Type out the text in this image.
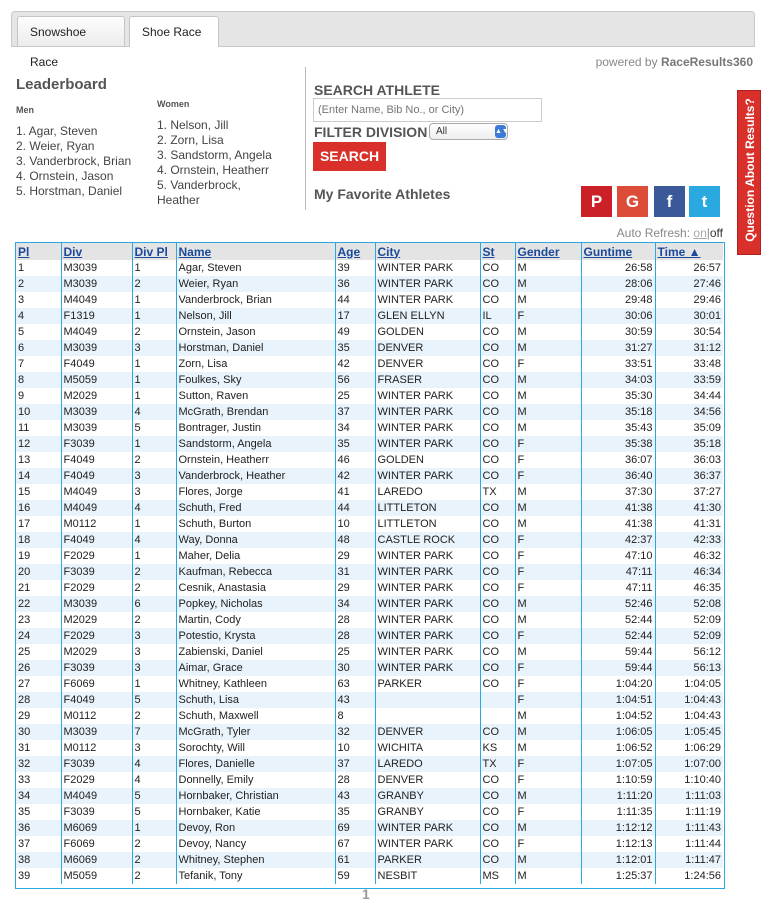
Snowshoe Race
Shoe Race
powered by RaceResults360
Leaderboard
Men
1. Agar, Steven
2. Weier, Ryan
3. Vanderbrock, Brian
4. Ornstein, Jason
5. Horstman, Daniel
Women
1. Nelson, Jill
2. Zorn, Lisa
3. Sandstorm, Angela
4. Ornstein, Heatherr
5. Vanderbrock, Heather
SEARCH ATHLETE
(Enter Name, Bib No., or City)
FILTER DIVISION All	▲▼
SEARCH
My Favorite Athletes	P	G	f	t	Question About Results?
Auto Refresh: on|off
Pl	Div	Div Pl	Name	Age	City	St	Gender	Guntime	Time ▲
1	M3039	1	Agar, Steven	39	WINTER PARK	CO	M	26:58	26:57
2	M3039	2	Weier, Ryan	36	WINTER PARK	CO	M	28:06	27:46
3	M4049	1	Vanderbrock, Brian	44	WINTER PARK	CO	M	29:48	29:46
4	F1319	1	Nelson, Jill	17	GLEN ELLYN	IL	F	30:06	30:01
5	M4049	2	Ornstein, Jason	49	GOLDEN	CO	M	30:59	30:54
6	M3039	3	Horstman, Daniel	35	DENVER	CO	M	31:27	31:12
7	F4049	1	Zorn, Lisa	42	DENVER	CO	F	33:51	33:48
8	M5059	1	Foulkes, Sky	56	FRASER	CO	M	34:03	33:59
9	M2029	1	Sutton, Raven	25	WINTER PARK	CO	M	35:30	34:44
10	M3039	4	McGrath, Brendan	37	WINTER PARK	CO	M	35:18	34:56
11	M3039	5	Bontrager, Justin	34	WINTER PARK	CO	M	35:43	35:09
12	F3039	1	Sandstorm, Angela	35	WINTER PARK	CO	F	35:38	35:18
13	F4049	2	Ornstein, Heatherr	46	GOLDEN	CO	F	36:07	36:03
14	F4049	3	Vanderbrock, Heather	42	WINTER PARK	CO	F	36:40	36:37
15	M4049	3	Flores, Jorge	41	LAREDO	TX	M	37:30	37:27
16	M4049	4	Schuth, Fred	44	LITTLETON	CO	M	41:38	41:30
17	M0112	1	Schuth, Burton	10	LITTLETON	CO	M	41:38	41:31
18	F4049	4	Way, Donna	48	CASTLE ROCK	CO	F	42:37	42:33
19	F2029	1	Maher, Delia	29	WINTER PARK	CO	F	47:10	46:32
20	F3039	2	Kaufman, Rebecca	31	WINTER PARK	CO	F	47:11	46:34
21	F2029	2	Cesnik, Anastasia	29	WINTER PARK	CO	F	47:11	46:35
22	M3039	6	Popkey, Nicholas	34	WINTER PARK	CO	M	52:46	52:08
23	M2029	2	Martin, Cody	28	WINTER PARK	CO	M	52:44	52:09
24	F2029	3	Potestio, Krysta	28	WINTER PARK	CO	F	52:44	52:09
25	M2029	3	Zabienski, Daniel	25	WINTER PARK	CO	M	59:44	56:12
26	F3039	3	Aimar, Grace	30	WINTER PARK	CO	F	59:44	56:13
27	F6069	1	Whitney, Kathleen	63	PARKER	CO	F	1:04:20	1:04:05
28	F4049	5	Schuth, Lisa	43			F	1:04:51	1:04:43
29	M0112	2	Schuth, Maxwell	8			M	1:04:52	1:04:43
30	M3039	7	McGrath, Tyler	32	DENVER	CO	M	1:06:05	1:05:45
31	M0112	3	Sorochty, Will	10	WICHITA	KS	M	1:06:52	1:06:29
32	F3039	4	Flores, Danielle	37	LAREDO	TX	F	1:07:05	1:07:00
33	F2029	4	Donnelly, Emily	28	DENVER	CO	F	1:10:59	1:10:40
34	M4049	5	Hornbaker, Christian	43	GRANBY	CO	M	1:11:20	1:11:03
35	F3039	5	Hornbaker, Katie	35	GRANBY	CO	F	1:11:35	1:11:19
36	M6069	1	Devoy, Ron	69	WINTER PARK	CO	M	1:12:12	1:11:43
37	F6069	2	Devoy, Nancy	67	WINTER PARK	CO	F	1:12:13	1:11:44
38	M6069	2	Whitney, Stephen	61	PARKER	CO	M	1:12:01	1:11:47
39	M5059	2	Tefanik, Tony	59	NESBIT	MS	M	1:25:37	1:24:56
1
